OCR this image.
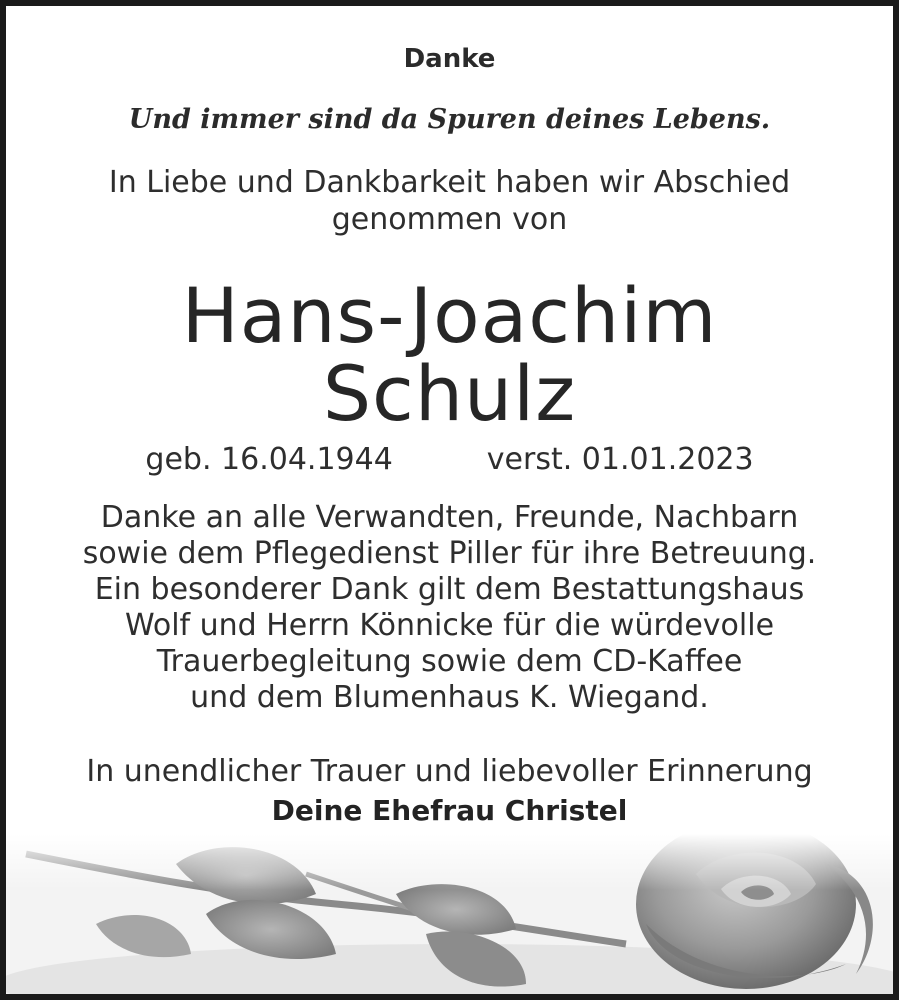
Danke
Und immer sind da Spuren deines Lebens.
In Liebe und Dankbarkeit haben wir Abschied
genommen von
Hans-Joachim
Schulz
geb. 16.04.1944	verst. 01.01.2023
Danke an alle Verwandten, Freunde, Nachbarn
sowie dem Pflegedienst Piller für ihre Betreuung.
Ein besonderer Dank gilt dem Bestattungshaus
Wolf und Herrn Könnicke für die würdevolle
Trauerbegleitung sowie dem CD-Kaffee
und dem Blumenhaus K. Wiegand.
In unendlicher Trauer und liebevoller Erinnerung
Deine Ehefrau Christel
